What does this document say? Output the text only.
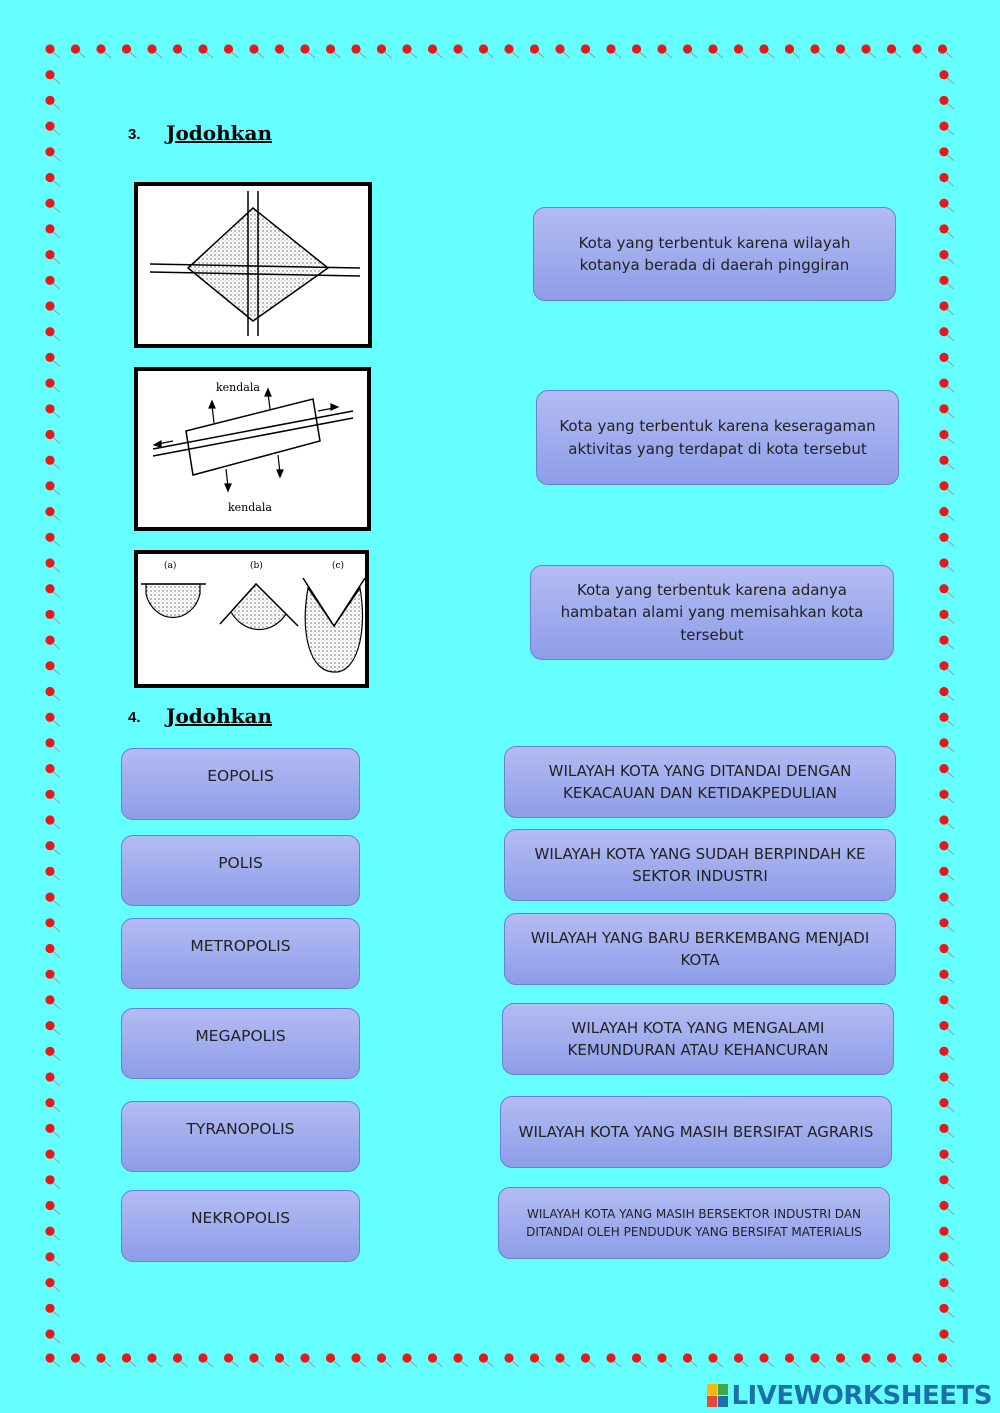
3. Jodohkan
kendala
kendala
(a)	(b)	(c)
Kota yang terbentuk karena wilayah kotanya berada di daerah pinggiran
Kota yang terbentuk karena keseragaman aktivitas yang terdapat di kota tersebut
Kota yang terbentuk karena adanya hambatan alami yang memisahkan kota tersebut
4. Jodohkan
EOPOLIS
POLIS
METROPOLIS
MEGAPOLIS
TYRANOPOLIS
NEKROPOLIS
WILAYAH KOTA YANG DITANDAI DENGAN KEKACAUAN DAN KETIDAKPEDULIAN
WILAYAH KOTA YANG SUDAH BERPINDAH KE SEKTOR INDUSTRI
WILAYAH YANG BARU BERKEMBANG MENJADI KOTA
WILAYAH KOTA YANG MENGALAMI KEMUNDURAN ATAU KEHANCURAN
WILAYAH KOTA YANG MASIH BERSIFAT AGRARIS
WILAYAH KOTA YANG MASIH BERSEKTOR INDUSTRI DAN DITANDAI OLEH PENDUDUK YANG BERSIFAT MATERIALIS
LIVEWORKSHEETS
